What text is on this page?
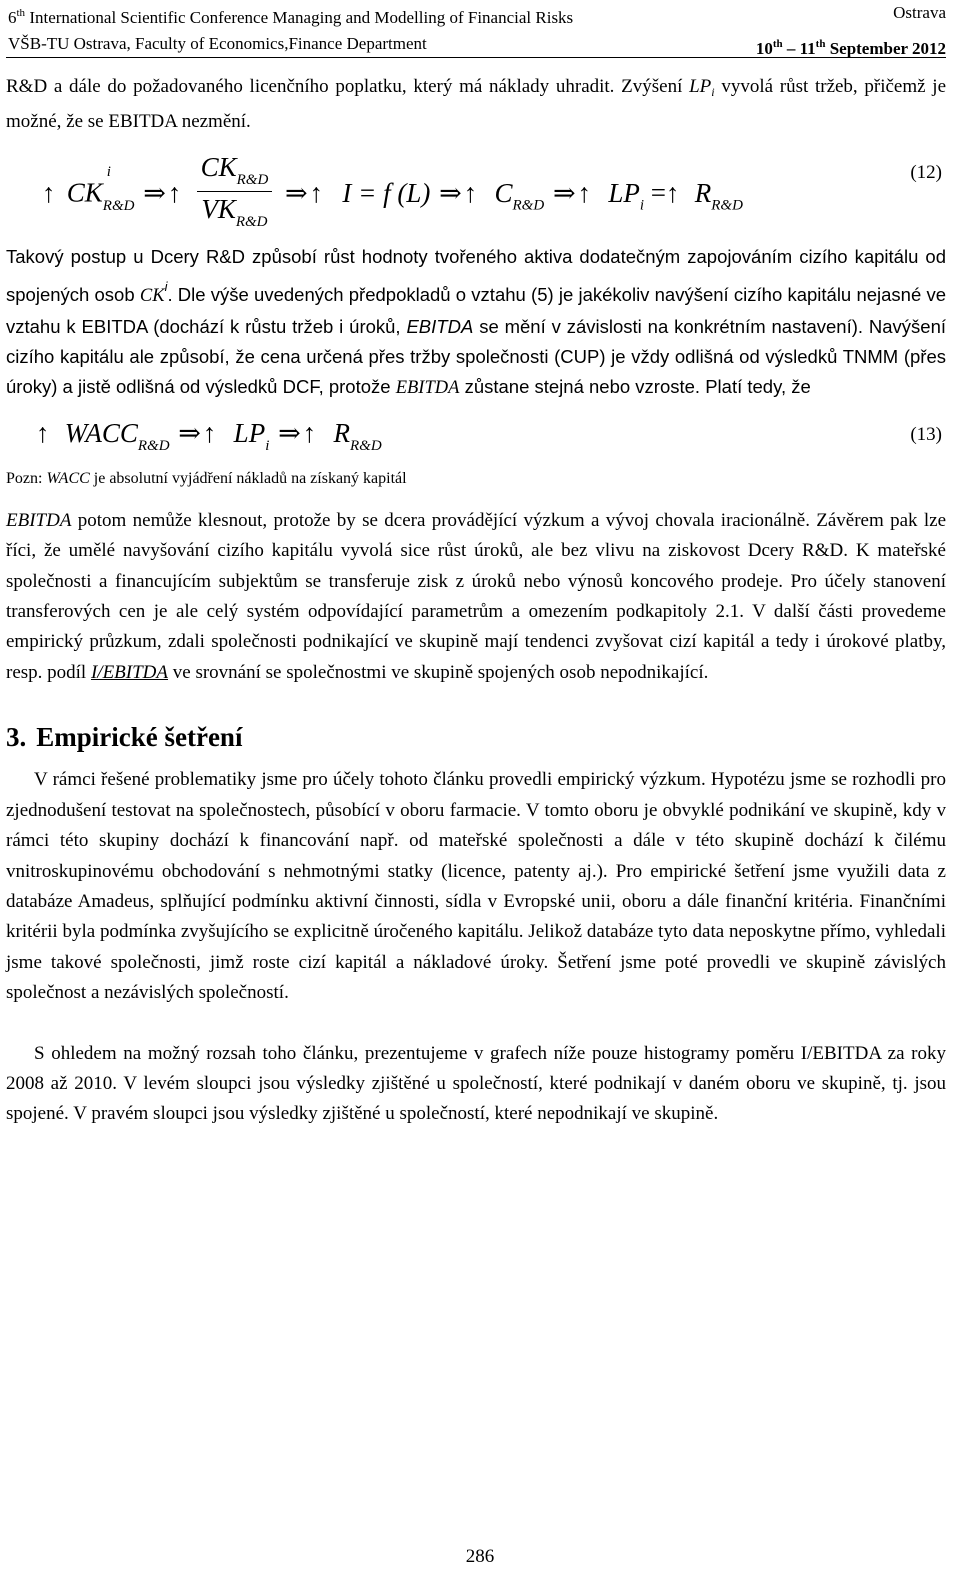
6th International Scientific Conference Managing and Modelling of Financial Risks	Ostrava
VŠB-TU Ostrava, Faculty of Economics,Finance Department	10th – 11th September 2012

R&D a dále do požadovaného licenčního poplatku, který má náklady uhradit. Zvýšení $LP_i$ vyvolá růst tržeb, přičemž je možné, že se EBITDA nezmění.

↑ CK
$_{i R\&D}$ ⇒↑ $\frac{CK_{R\&D}}{VK_{R\&D}}$ ⇒↑ I = f (L) ⇒↑ $C_{R\&D}$ ⇒↑ $LP_i$ =↑ $R_{R\&D}$
(12)

Takový postup u Dcery R&D způsobí růst hodnoty tvořeného aktiva dodatečným zapojováním cizího kapitálu od spojených osob $CK^i$. Dle výše uvedených předpokladů o vztahu (5) je jakékoliv navýšení cizího kapitálu nejasné ve vztahu k EBITDA (dochází k růstu tržeb i úroků, EBITDA se mění v závislosti na konkrétním nastavení). Navýšení cizího kapitálu ale způsobí, že cena určená přes tržby společnosti (CUP) je vždy odlišná od výsledků TNMM (přes úroky) a jistě odlišná od výsledků DCF, protože EBITDA zůstane stejná nebo vzroste. Platí tedy, že

↑ $WACC_{R\&D}$ ⇒↑ $LP_i$ ⇒↑ $R_{R\&D}$
(13)

Pozn: WACC je absolutní vyjádření nákladů na získaný kapitál

EBITDA potom nemůže klesnout, protože by se dcera provádějící výzkum a vývoj chovala iracionálně. Závěrem pak lze říci, že umělé navyšování cizího kapitálu vyvolá sice růst úroků, ale bez vlivu na ziskovost Dcery R&D. K mateřské společnosti a financujícím subjektům se transferuje zisk z úroků nebo výnosů koncového prodeje. Pro účely stanovení transferových cen je ale celý systém odpovídající parametrům a omezením podkapitoly 2.1. V další části provedeme empirický průzkum, zdali společnosti podnikající ve skupině mají tendenci zvyšovat cizí kapitál a tedy i úrokové platby, resp. podíl I/EBITDA ve srovnání se společnostmi ve skupině spojených osob nepodnikající.

3. Empirické šetření

V rámci řešené problematiky jsme pro účely tohoto článku provedli empirický výzkum. Hypotézu jsme se rozhodli pro zjednodušení testovat na společnostech, působící v oboru farmacie. V tomto oboru je obvyklé podnikání ve skupině, kdy v rámci této skupiny dochází k financování např. od mateřské společnosti a dále v této skupině dochází k čilému vnitroskupinovému obchodování s nehmotnými statky (licence, patenty aj.). Pro empirické šetření jsme využili data z databáze Amadeus, splňující podmínku aktivní činnosti, sídla v Evropské unii, oboru a dále finanční kritéria. Finančními kritérii byla podmínka zvyšujícího se explicitně úročeného kapitálu. Jelikož databáze tyto data neposkytne přímo, vyhledali jsme takové společnosti, jimž roste cizí kapitál a nákladové úroky. Šetření jsme poté provedli ve skupině závislých společnost a nezávislých společností.

S ohledem na možný rozsah toho článku, prezentujeme v grafech níže pouze histogramy poměru I/EBITDA za roky 2008 až 2010. V levém sloupci jsou výsledky zjištěné u společností, které podnikají v daném oboru ve skupině, tj. jsou spojené. V pravém sloupci jsou výsledky zjištěné u společností, které nepodnikají ve skupině.

286
